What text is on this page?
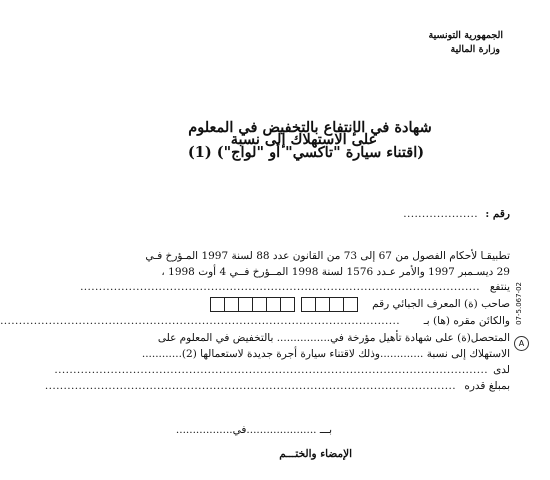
الجمهورية التونسية
وزارة المالية
شهادة في الإنتفاع بالتخفيض في المعلوم
على الاستهلاك إلى نسبة
(اقتناء سيارة "تاكسي" أو "لواج") (1)
رقم :
....................
تطبيقـا لأحكام الفصول من 67 إلى 73 من القانون عدد 88 لسنة 1997 المـؤرخ فـي
29 ديسـمبر 1997 والأمر عـدد 1576 لسنة 1998 المــؤرخ فــي 4 أوت 1998 ،
ينتفع
...........................................................................................................
صاحب (ة) المعرف الجبائي رقم
والكائن مقره (ها) بـ
...........................................................................................................
المتحصل(ة) على شهادة تأهيل مؤرخة في................ بالتخفيض في المعلوم على
الاستهلاك إلى نسبة .............وذلك لاقتناء سيارة أجرة جديدة لاستعمالها (2)............
لدى
....................................................................................................................
بمبلغ قدره
..............................................................................................................
بـــ .....................في.................
الإمضاء والختـــم
07-5.067-02
A
